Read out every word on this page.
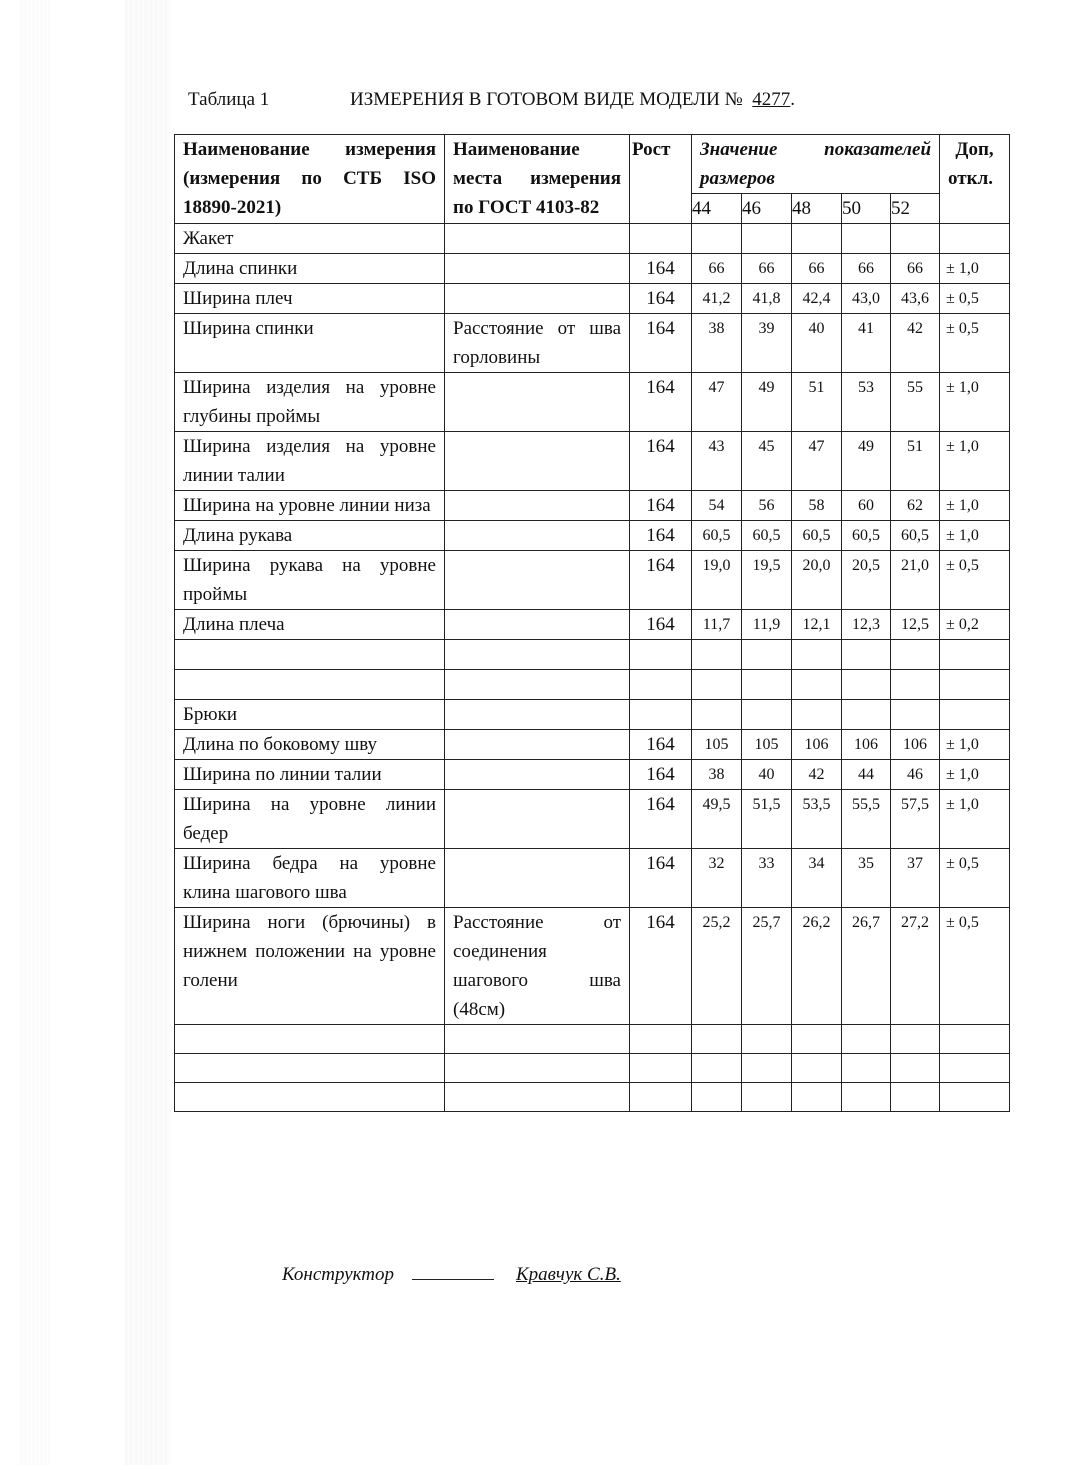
Таблица 1	ИЗМЕРЕНИЯ В ГОТОВОМ ВИДЕ МОДЕЛИ № 4277.
Наименование измерения (измерения по СТБ ISO 18890-2021)	Наименование места измерения по ГОСТ 4103-82	Рост	Значение показателей размеров					Доп, откл.
			44	46	48	50	52	
Жакет								
Длина спинки		164	66	66	66	66	66	± 1,0
Ширина плеч		164	41,2	41,8	42,4	43,0	43,6	± 0,5
Ширина спинки	Расстояние от шва горловины	164	38	39	40	41	42	± 0,5
Ширина изделия на уровне глубины проймы		164	47	49	51	53	55	± 1,0
Ширина изделия на уровне линии талии		164	43	45	47	49	51	± 1,0
Ширина на уровне линии низа		164	54	56	58	60	62	± 1,0
Длина рукава		164	60,5	60,5	60,5	60,5	60,5	± 1,0
Ширина рукава на уровне проймы		164	19,0	19,5	20,0	20,5	21,0	± 0,5
Длина плеча		164	11,7	11,9	12,1	12,3	12,5	± 0,2

Брюки								
Длина по боковому шву		164	105	105	106	106	106	± 1,0
Ширина по линии талии		164	38	40	42	44	46	± 1,0
Ширина на уровне линии бедер		164	49,5	51,5	53,5	55,5	57,5	± 1,0
Ширина бедра на уровне клина шагового шва		164	32	33	34	35	37	± 0,5
Ширина ноги (брючины) в нижнем положении на уровне голени	Расстояние от соединения шагового шва (48см)	164	25,2	25,7	26,2	26,7	27,2	± 0,5

Конструктор	Кравчук С.В.
